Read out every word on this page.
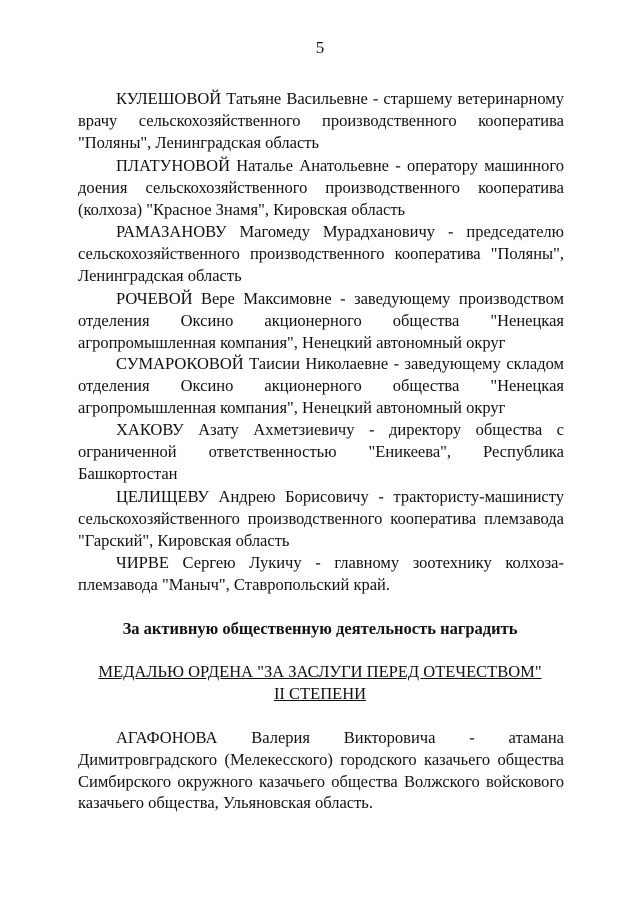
5

КУЛЕШОВОЙ Татьяне Васильевне - старшему ветеринарному врачу сельскохозяйственного производственного кооператива "Поляны", Ленинградская область

ПЛАТУНОВОЙ Наталье Анатольевне - оператору машинного доения сельскохозяйственного производственного кооператива (колхоза) "Красное Знамя", Кировская область

РАМАЗАНОВУ Магомеду Мурадхановичу - председателю сельскохозяйственного производственного кооператива "Поляны", Ленинградская область

РОЧЕВОЙ Вере Максимовне - заведующему производством отделения Оксино акционерного общества "Ненецкая агропромышленная компания", Ненецкий автономный округ

СУМАРОКОВОЙ Таисии Николаевне - заведующему складом отделения Оксино акционерного общества "Ненецкая агропромышленная компания", Ненецкий автономный округ

ХАКОВУ Азату Ахметзиевичу - директору общества с ограниченной ответственностью "Еникеева", Республика Башкортостан

ЦЕЛИЩЕВУ Андрею Борисовичу - трактористу-машинисту сельскохозяйственного производственного кооператива племзавода "Гарский", Кировская область

ЧИРВЕ Сергею Лукичу - главному зоотехнику колхоза-племзавода "Маныч", Ставропольский край.

За активную общественную деятельность наградить
МЕДАЛЬЮ ОРДЕНА "ЗА ЗАСЛУГИ ПЕРЕД ОТЕЧЕСТВОМ"
II СТЕПЕНИ

АГАФОНОВА Валерия Викторовича - атамана Димитровградского (Мелекесского) городского казачьего общества Симбирского окружного казачьего общества Волжского войскового казачьего общества, Ульяновская область.
